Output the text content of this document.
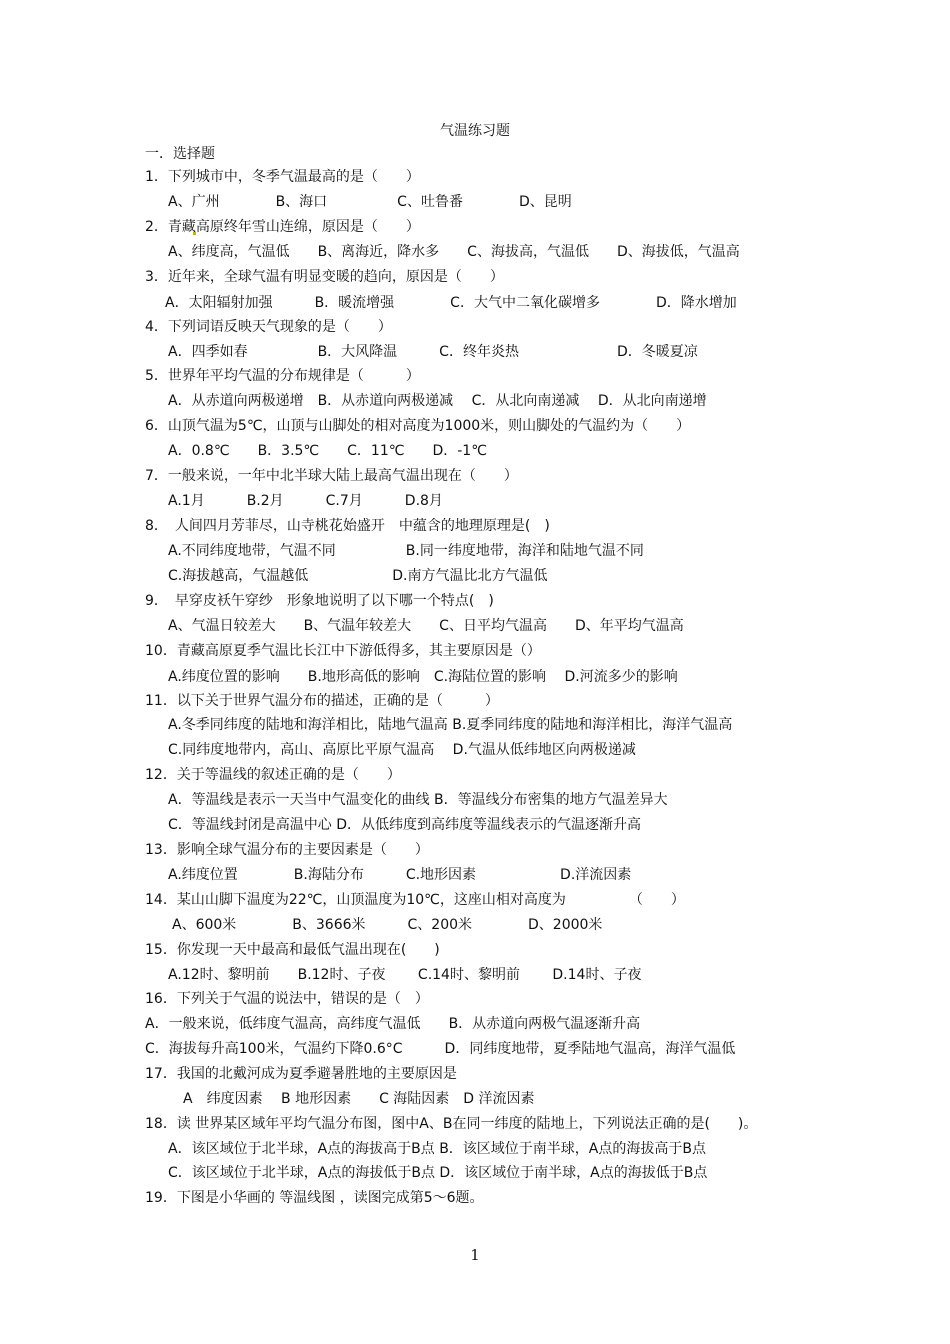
气温练习题
一．选择题
1．下列城市中，冬季气温最高的是（　　）
A、广州　　　　B、海口　　　　　C、吐鲁番　　　　D、昆明
2．青藏高原终年雪山连绵，原因是（　　）
A、纬度高，气温低　　B、离海近，降水多　　C、海拔高，气温低　　D、海拔低，气温高
3．近年来，全球气温有明显变暖的趋向，原因是（　　）
A．太阳辐射加强　　　B．暖流增强　　　　C．大气中二氧化碳增多　　　　D．降水增加
4．下列词语反映天气现象的是（　　）
A．四季如春　　　　　B．大风降温　　　C．终年炎热　　　　　　　D．冬暖夏凉
5．世界年平均气温的分布规律是（　　　）
A．从赤道向两极递增　B．从赤道向两极递减　 C．从北向南递减　 D．从北向南递增
6．山顶气温为5℃，山顶与山脚处的相对高度为1000米，则山脚处的气温约为（　　）
A．0.8℃　　B．3.5℃　　C．11℃　　D．-1℃
7．一般来说，一年中北半球大陆上最高气温出现在（　　）
A.1月　　　B.2月　　　C.7月　　　D.8月
8．　人间四月芳菲尽，山寺桃花始盛开　中蕴含的地理原理是(　)
A.不同纬度地带，气温不同　　　　　B.同一纬度地带，海洋和陆地气温不同
C.海拔越高，气温越低　　　　　　D.南方气温比北方气温低
9．　早穿皮袄午穿纱　形象地说明了以下哪一个特点(　)
A、气温日较差大　　B、气温年较差大　　C、日平均气温高　　D、年平均气温高
10．青藏高原夏季气温比长江中下游低得多，其主要原因是（）
A.纬度位置的影响　　B.地形高低的影响　C.海陆位置的影响　 D.河流多少的影响
11．以下关于世界气温分布的描述，正确的是（　　　）
A.冬季同纬度的陆地和海洋相比，陆地气温高 B.夏季同纬度的陆地和海洋相比，海洋气温高
C.同纬度地带内，高山、高原比平原气温高　 D.气温从低纬地区向两极递减
12．关于等温线的叙述正确的是（　　）
A．等温线是表示一天当中气温变化的曲线 B．等温线分布密集的地方气温差异大
C．等温线封闭是高温中心 D．从低纬度到高纬度等温线表示的气温逐渐升高
13．影响全球气温分布的主要因素是（　　）
A.纬度位置　　　　B.海陆分布　　　C.地形因素　　　　　　D.洋流因素
14．某山山脚下温度为22℃，山顶温度为10℃，这座山相对高度为　　　　　（　　）
A、600米　　　　B、3666米　　　C、200米　　　　D、2000米
15．你发现一天中最高和最低气温出现在(　　)
A.12时、黎明前　　B.12时、子夜　　 C.14时、黎明前　　 D.14时、子夜
16．下列关于气温的说法中，错误的是（　）
A．一般来说，低纬度气温高，高纬度气温低　　B．从赤道向两极气温逐渐升高
C．海拔每升高100米，气温约下降0.6°C　　　D．同纬度地带，夏季陆地气温高，海洋气温低
17．我国的北戴河成为夏季避暑胜地的主要原因是
A　纬度因素　 B 地形因素　　C 海陆因素　D 洋流因素
18．读 世界某区域年平均气温分布图，图中A、B在同一纬度的陆地上，下列说法正确的是(　　)。
A．该区域位于北半球，A点的海拔高于B点 B．该区域位于南半球，A点的海拔高于B点
C．该区域位于北半球，A点的海拔低于B点 D．该区域位于南半球，A点的海拔低于B点
19．下图是小华画的 等温线图 ，读图完成第5～6题。
1
